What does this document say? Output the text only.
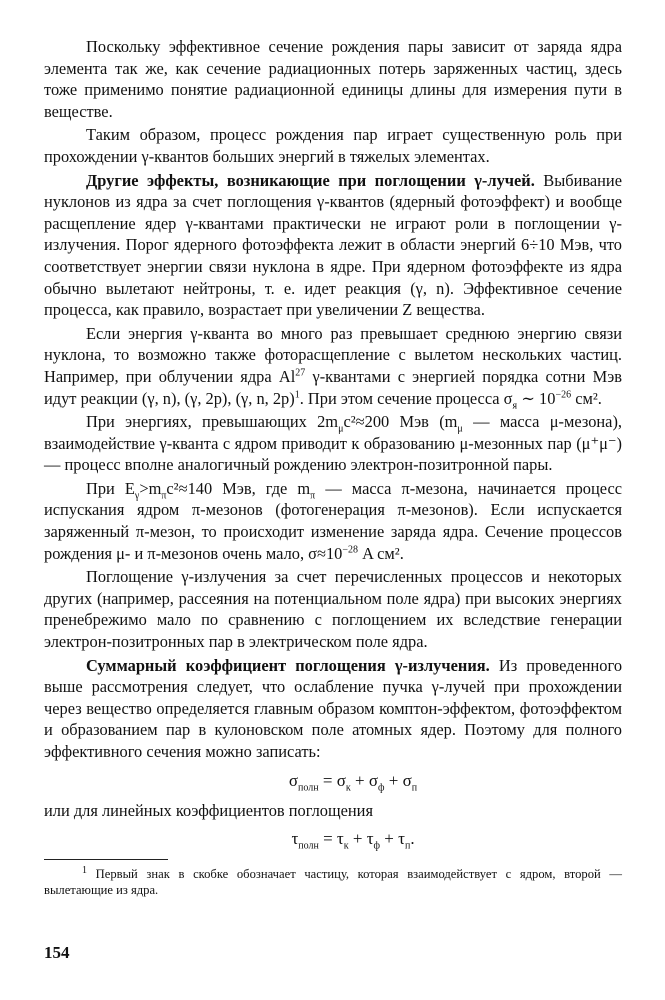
Поскольку эффективное сечение рождения пары зависит от заряда ядра элемента так же, как сечение радиационных потерь заряженных частиц, здесь тоже применимо понятие радиационной единицы длины для измерения пути в веществе.

Таким образом, процесс рождения пар играет существенную роль при прохождении γ-квантов больших энергий в тяжелых элементах.

Другие эффекты, возникающие при поглощении γ-лучей. Выбивание нуклонов из ядра за счет поглощения γ-квантов (ядерный фотоэффект) и вообще расщепление ядер γ-квантами практически не играют роли в поглощении γ-излучения. Порог ядерного фотоэффекта лежит в области энергий 6÷10 Мэв, что соответствует энергии связи нуклона в ядре. При ядерном фотоэффекте из ядра обычно вылетают нейтроны, т. е. идет реакция (γ, n). Эффективное сечение процесса, как правило, возрастает при увеличении Z вещества.

Если энергия γ-кванта во много раз превышает среднюю энергию связи нуклона, то возможно также фоторасщепление с вылетом нескольких частиц. Например, при облучении ядра Al$^{27}$ γ-квантами с энергией порядка сотни Мэв идут реакции (γ, n), (γ, 2p), (γ, n, 2p)$^1$. При этом сечение процесса $\sigma_я$ ∼ $10^{-26}$ см².

При энергиях, превышающих $2m_\mu c^2\approx 200$ Мэв ($m_\mu$ — масса μ-мезона), взаимодействие γ-кванта с ядром приводит к образованию μ-мезонных пар (μ⁺μ⁻) — процесс вполне аналогичный рождению электрон-позитронной пары.

При $E_\gamma>m_\pi c^2\approx 140$ Мэв, где $m_\pi$ — масса π-мезона, начинается процесс испускания ядром π-мезонов (фотогенерация π-мезонов). Если испускается заряженный π-мезон, то происходит изменение заряда ядра. Сечение процессов рождения μ- и π-мезонов очень мало, $\sigma\approx 10^{-28}$ A см².

Поглощение γ-излучения за счет перечисленных процессов и некоторых других (например, рассеяния на потенциальном поле ядра) при высоких энергиях пренебрежимо мало по сравнению с поглощением их вследствие генерации электрон-позитронных пар в электрическом поле ядра.

Суммарный коэффициент поглощения γ-излучения. Из проведенного выше рассмотрения следует, что ослабление пучка γ-лучей при прохождении через вещество определяется главным образом комптон-эффектом, фотоэффектом и образованием пар в кулоновском поле атомных ядер. Поэтому для полного эффективного сечения можно записать:

$\sigma_{полн} = \sigma_к + \sigma_ф + \sigma_п$

или для линейных коэффициентов поглощения

$\tau_{полн} = \tau_к + \tau_ф + \tau_п$.

$^1$ Первый знак в скобке обозначает частицу, которая взаимодействует с ядром, второй — вылетающие из ядра.

154
